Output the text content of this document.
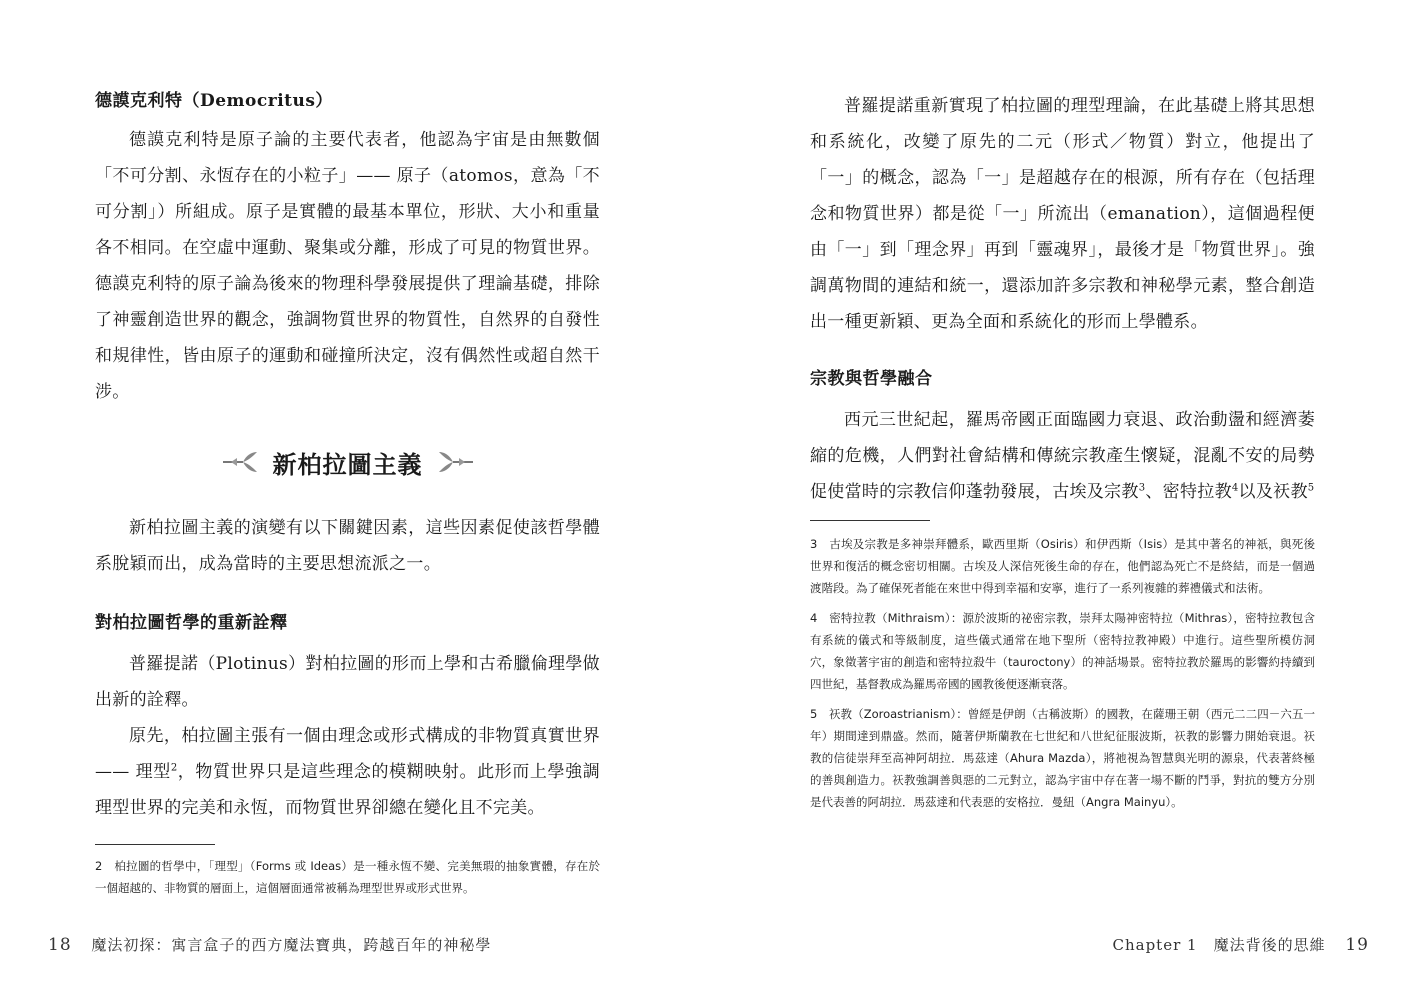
德謨克利特（Democritus）

德謨克利特是原子論的主要代表者，他認為宇宙是由無數個「不可分割、永恆存在的小粒子」—— 原子（atomos，意為「不可分割」）所組成。原子是實體的最基本單位，形狀、大小和重量各不相同。在空虛中運動、聚集或分離，形成了可見的物質世界。德謨克利特的原子論為後來的物理科學發展提供了理論基礎，排除了神靈創造世界的觀念，強調物質世界的物質性，自然界的自發性和規律性，皆由原子的運動和碰撞所決定，沒有偶然性或超自然干涉。

新柏拉圖主義

新柏拉圖主義的演變有以下關鍵因素，這些因素促使該哲學體系脫穎而出，成為當時的主要思想流派之一。

對柏拉圖哲學的重新詮釋

普羅提諾（Plotinus）對柏拉圖的形而上學和古希臘倫理學做出新的詮釋。

原先，柏拉圖主張有一個由理念或形式構成的非物質真實世界 —— 理型$^2$，物質世界只是這些理念的模糊映射。此形而上學強調理型世界的完美和永恆，而物質世界卻總在變化且不完美。

2　柏拉圖的哲學中，「理型」（Forms 或 Ideas）是一種永恆不變、完美無瑕的抽象實體，存在於一個超越的、非物質的層面上，這個層面通常被稱為理型世界或形式世界。

18 魔法初探：寓言盒子的西方魔法寶典，跨越百年的神秘學

普羅提諾重新實現了柏拉圖的理型理論，在此基礎上將其思想和系統化，改變了原先的二元（形式／物質）對立，他提出了「一」的概念，認為「一」是超越存在的根源，所有存在（包括理念和物質世界）都是從「一」所流出（emanation），這個過程便由「一」到「理念界」再到「靈魂界」，最後才是「物質世界」。強調萬物間的連結和統一，還添加許多宗教和神秘學元素，整合創造出一種更新穎、更為全面和系統化的形而上學體系。

宗教與哲學融合

西元三世紀起，羅馬帝國正面臨國力衰退、政治動盪和經濟萎縮的危機，人們對社會結構和傳統宗教產生懷疑，混亂不安的局勢促使當時的宗教信仰蓬勃發展，古埃及宗教$^3$、密特拉教$^4$以及祆教$^5$

3　古埃及宗教是多神崇拜體系，歐西里斯（Osiris）和伊西斯（Isis）是其中著名的神祇，與死後世界和復活的概念密切相關。古埃及人深信死後生命的存在，他們認為死亡不是終結，而是一個過渡階段。為了確保死者能在來世中得到幸福和安寧，進行了一系列複雜的葬禮儀式和法術。

4　密特拉教（Mithraism）：源於波斯的祕密宗教，崇拜太陽神密特拉（Mithras），密特拉教包含有系統的儀式和等級制度，這些儀式通常在地下聖所（密特拉教神殿）中進行。這些聖所模仿洞穴，象徵著宇宙的創造和密特拉殺牛（tauroctony）的神話場景。密特拉教於羅馬的影響約持續到四世紀，基督教成為羅馬帝國的國教後便逐漸衰落。

5　祆教（Zoroastrianism）：曾經是伊朗（古稱波斯）的國教，在薩珊王朝（西元二二四－六五一年）期間達到鼎盛。然而，隨著伊斯蘭教在七世紀和八世紀征服波斯，祆教的影響力開始衰退。祆教的信徒崇拜至高神阿胡拉．馬茲達（Ahura Mazda），將祂視為智慧與光明的源泉，代表著終極的善與創造力。祆教強調善與惡的二元對立，認為宇宙中存在著一場不斷的鬥爭，對抗的雙方分別是代表善的阿胡拉．馬茲達和代表惡的安格拉．曼紐（Angra Mainyu）。

Chapter 1　魔法背後的思維 19
